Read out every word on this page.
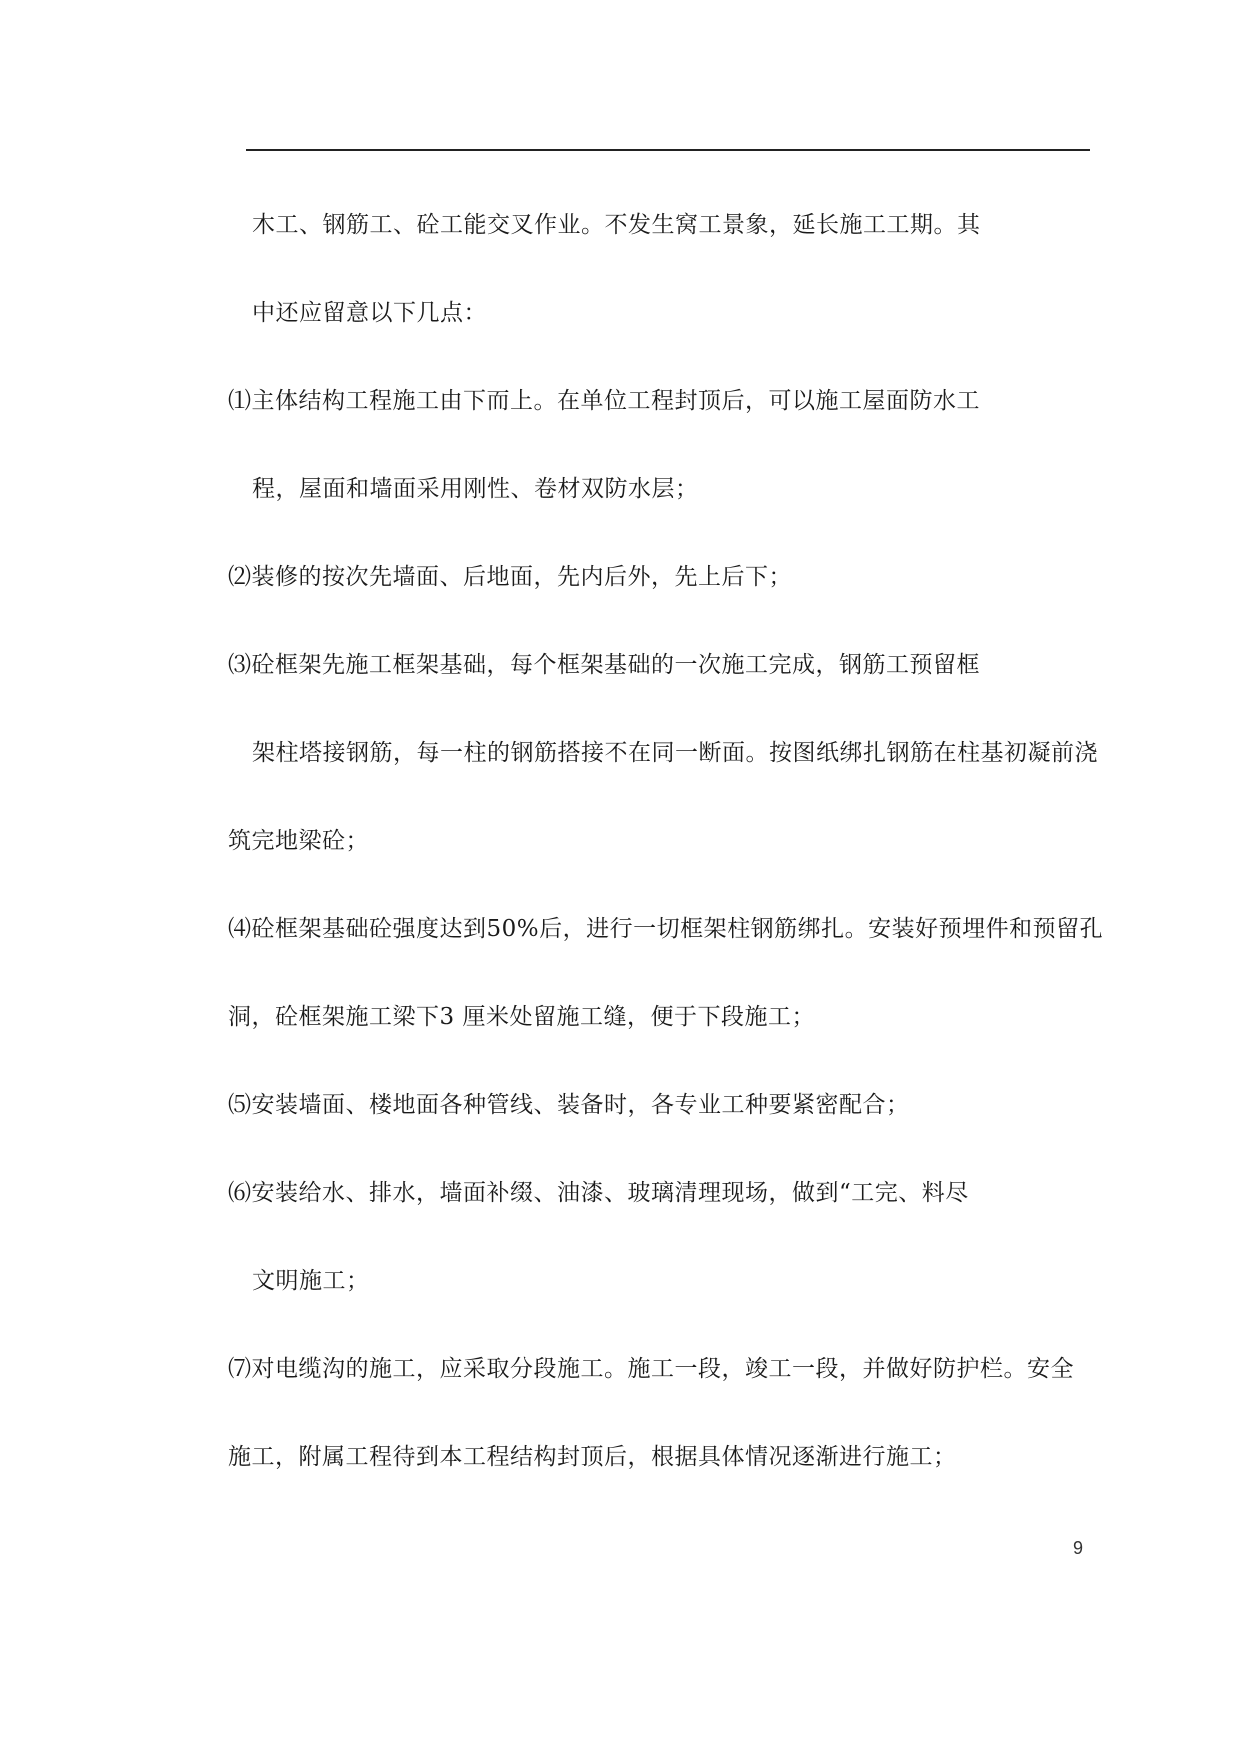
木工、钢筋工、砼工能交叉作业。不发生窝工景象，延长施工工期。其
中还应留意以下几点：
⑴主体结构工程施工由下而上。在单位工程封顶后，可以施工屋面防水工
程，屋面和墙面采用刚性、卷材双防水层；
⑵装修的按次先墙面、后地面，先内后外，先上后下；
⑶砼框架先施工框架基础，每个框架基础的一次施工完成，钢筋工预留框
架柱塔接钢筋，每一柱的钢筋搭接不在同一断面。按图纸绑扎钢筋在柱基初凝前浇
筑完地梁砼；
⑷砼框架基础砼强度达到50%后，进行一切框架柱钢筋绑扎。安装好预埋件和预留孔
洞，砼框架施工梁下3 厘米处留施工缝，便于下段施工；
⑸安装墙面、楼地面各种管线、装备时，各专业工种要紧密配合；
⑹安装给水、排水，墙面补缀、油漆、玻璃清理现场，做到“工完、料尽
文明施工；
⑺对电缆沟的施工，应采取分段施工。施工一段，竣工一段，并做好防护栏。安全
施工，附属工程待到本工程结构封顶后，根据具体情况逐渐进行施工；
9
